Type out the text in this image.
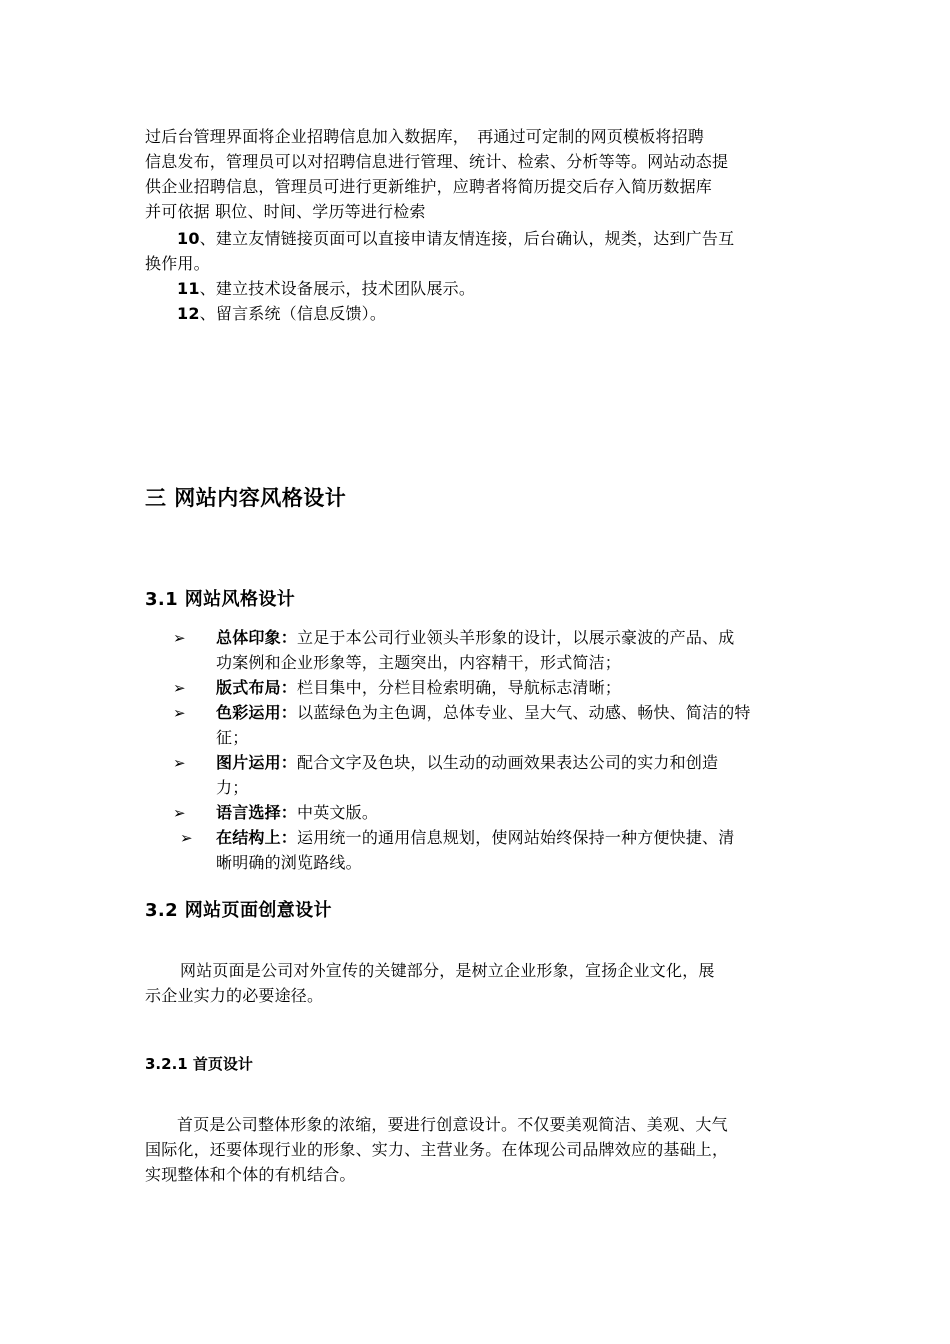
过后台管理界面将企业招聘信息加入数据库，　再通过可定制的网页模板将招聘
信息发布，管理员可以对招聘信息进行管理、统计、检索、分析等等。网站动态提
供企业招聘信息，管理员可进行更新维护，应聘者将简历提交后存入简历数据库
并可依据 职位、时间、学历等进行检索
10、建立友情链接页面可以直接申请友情连接，后台确认，规类，达到广告互
换作用。
11、建立技术设备展示，技术团队展示。
12、留言系统（信息反馈）。
三 网站内容风格设计
3.1 网站风格设计
➢ 总体印象：立足于本公司行业领头羊形象的设计，以展示豪波的产品、成
功案例和企业形象等，主题突出，内容精干，形式简洁；
➢ 版式布局：栏目集中，分栏目检索明确，导航标志清晰；
➢ 色彩运用：以蓝绿色为主色调，总体专业、呈大气、动感、畅快、简洁的特
征；
➢ 图片运用：配合文字及色块，以生动的动画效果表达公司的实力和创造
力；
➢ 语言选择：中英文版。
➢ 在结构上：运用统一的通用信息规划，使网站始终保持一种方便快捷、清
晰明确的浏览路线。
3.2 网站页面创意设计
网站页面是公司对外宣传的关键部分，是树立企业形象，宣扬企业文化，展
示企业实力的必要途径。
3.2.1 首页设计
首页是公司整体形象的浓缩，要进行创意设计。不仅要美观简洁、美观、大气
国际化，还要体现行业的形象、实力、主营业务。在体现公司品牌效应的基础上，
实现整体和个体的有机结合。
